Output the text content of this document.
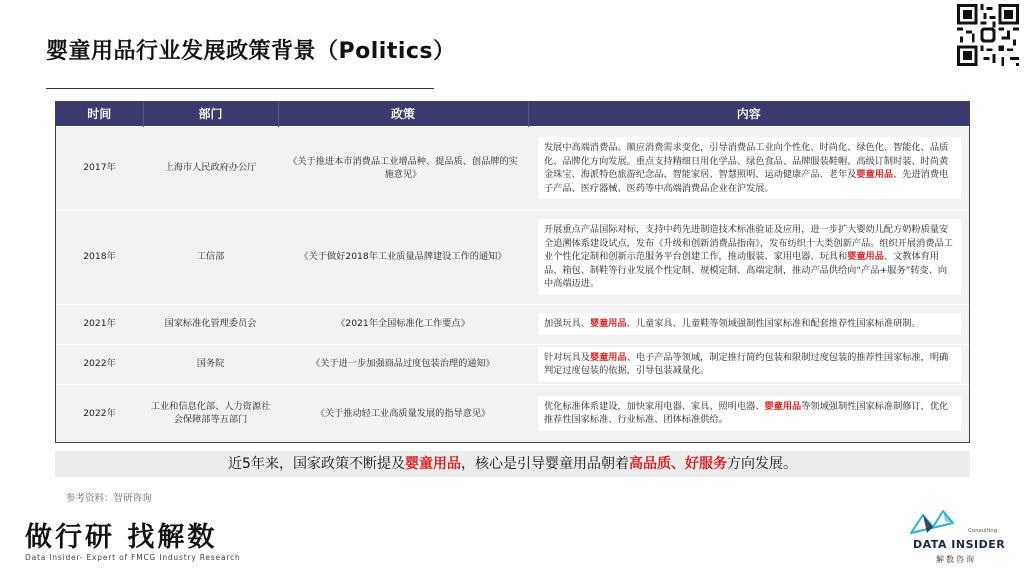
婴童用品行业发展政策背景（Politics）
时间	部门	政策	内容
2017年	上海市人民政府办公厅	《关于推进本市消费品工业增品种、提品质、创品牌的实施意见》	发展中高端消费品。顺应消费需求变化，引导消费品工业向个性化、时尚化、绿色化、智能化、品质化、品牌化方向发展。重点支持精细日用化学品、绿色食品、品牌服装鞋帽、高级订制时装、时尚黄金珠宝、海派特色旅游纪念品、智能家居、智慧照明、运动健康产品、老年及婴童用品、先进消费电子产品、医疗器械、医药等中高端消费品企业在沪发展。

2018年	工信部	《关于做好2018年工业质量品牌建设工作的通知》	开展重点产品国际对标，支持中药先进制造技术标准验证及应用，进一步扩大婴幼儿配方奶粉质量安全追溯体系建设试点，发布《升级和创新消费品指南》，发布纺织十大类创新产品。组织开展消费品工业个性化定制和创新示范服务平台创建工作，推动服装、家用电器、玩具和婴童用品、文教体育用品、箱包、制鞋等行业发展个性定制、规模定制、高端定制，推动产品供给向“产品+服务”转变、向中高端迈进。

2021年	国家标准化管理委员会	《2021年全国标准化工作要点》	加强玩具、婴童用品、儿童家具、儿童鞋等领域强制性国家标准和配套推荐性国家标准研制。

2022年	国务院	《关于进一步加强商品过度包装治理的通知》	针对玩具及婴童用品、电子产品等领域，制定推行简约包装和限制过度包装的推荐性国家标准，明确判定过度包装的依据，引导包装减量化。

2022年	工业和信息化部、人力资源社会保障部等五部门	《关于推动轻工业高质量发展的指导意见》	优化标准体系建设，加快家用电器、家具、照明电器、婴童用品等领域强制性国家标准制修订，优化推荐性国家标准、行业标准、团体标准供给。
近5年来，国家政策不断提及婴童用品，核心是引导婴童用品朝着高品质、好服务方向发展。
参考资料：智研咨询
做行研 找解数
Data Insider- Expert of FMCG Industry Research
Consulting
DATA INSIDER
解数咨询
